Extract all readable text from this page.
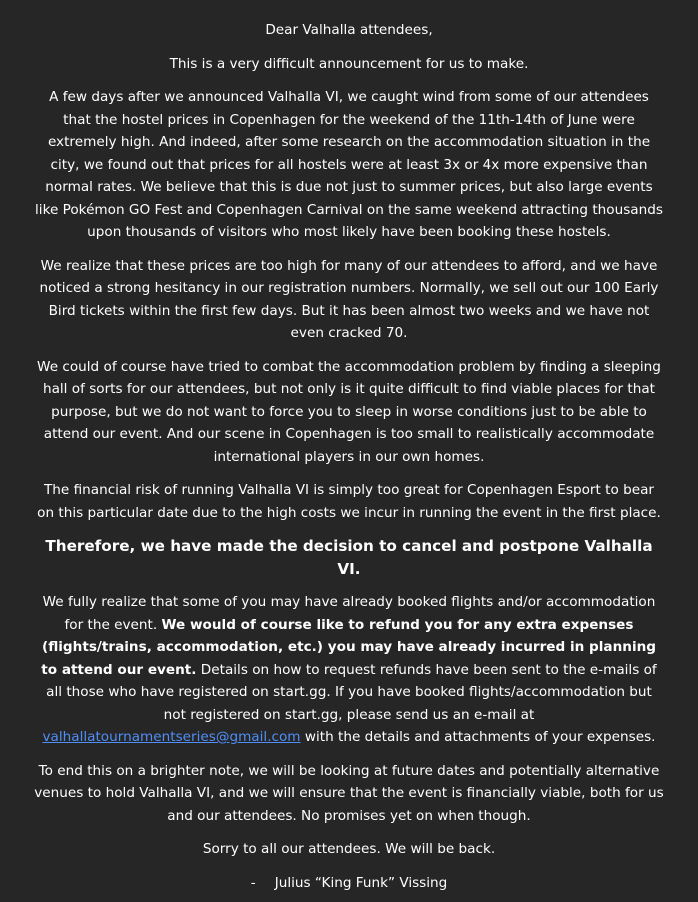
Dear Valhalla attendees,

This is a very difficult announcement for us to make.

A few days after we announced Valhalla VI, we caught wind from some of our attendees that the hostel prices in Copenhagen for the weekend of the 11th-14th of June were extremely high. And indeed, after some research on the accommodation situation in the city, we found out that prices for all hostels were at least 3x or 4x more expensive than normal rates. We believe that this is due not just to summer prices, but also large events like Pokémon GO Fest and Copenhagen Carnival on the same weekend attracting thousands upon thousands of visitors who most likely have been booking these hostels.

We realize that these prices are too high for many of our attendees to afford, and we have noticed a strong hesitancy in our registration numbers. Normally, we sell out our 100 Early Bird tickets within the first few days. But it has been almost two weeks and we have not even cracked 70.

We could of course have tried to combat the accommodation problem by finding a sleeping hall of sorts for our attendees, but not only is it quite difficult to find viable places for that purpose, but we do not want to force you to sleep in worse conditions just to be able to attend our event. And our scene in Copenhagen is too small to realistically accommodate international players in our own homes.

The financial risk of running Valhalla VI is simply too great for Copenhagen Esport to bear on this particular date due to the high costs we incur in running the event in the first place.

Therefore, we have made the decision to cancel and postpone Valhalla VI.

We fully realize that some of you may have already booked flights and/or accommodation for the event. We would of course like to refund you for any extra expenses (flights/trains, accommodation, etc.) you may have already incurred in planning to attend our event. Details on how to request refunds have been sent to the e-mails of all those who have registered on start.gg. If you have booked flights/accommodation but not registered on start.gg, please send us an e-mail at valhallatournamentseries@gmail.com with the details and attachments of your expenses.

To end this on a brighter note, we will be looking at future dates and potentially alternative venues to hold Valhalla VI, and we will ensure that the event is financially viable, both for us and our attendees. No promises yet on when though.

Sorry to all our attendees. We will be back.

- Julius “King Funk” Vissing
